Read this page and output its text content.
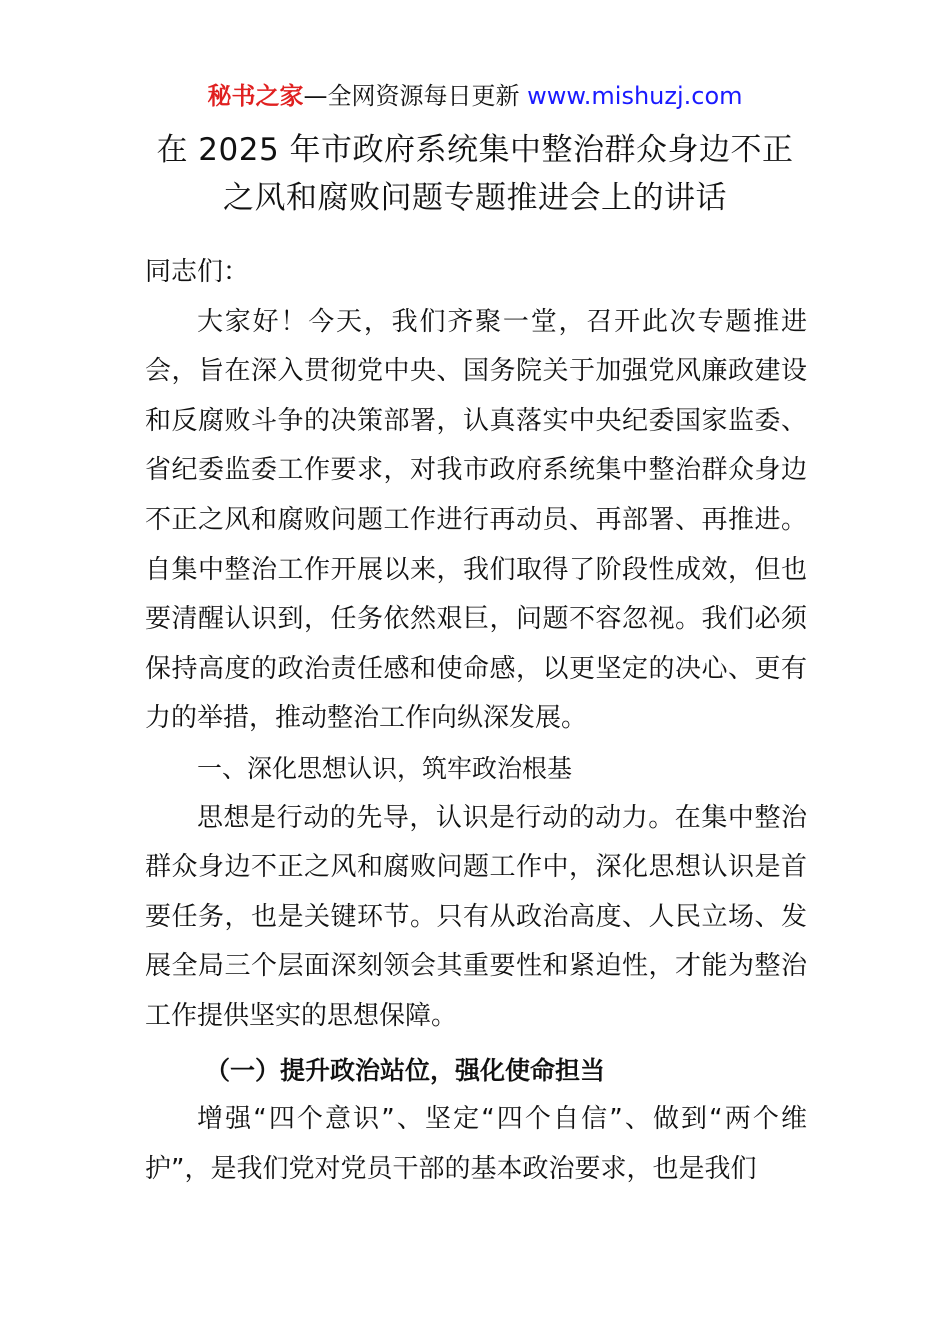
秘书之家—全网资源每日更新 www.mishuzj.com
在 2025 年市政府系统集中整治群众身边不正
之风和腐败问题专题推进会上的讲话

同志们：

大家好！今天，我们齐聚一堂，召开此次专题推进会，旨在深入贯彻党中央、国务院关于加强党风廉政建设和反腐败斗争的决策部署，认真落实中央纪委国家监委、省纪委监委工作要求，对我市政府系统集中整治群众身边不正之风和腐败问题工作进行再动员、再部署、再推进。自集中整治工作开展以来，我们取得了阶段性成效，但也要清醒认识到，任务依然艰巨，问题不容忽视。我们必须保持高度的政治责任感和使命感，以更坚定的决心、更有力的举措，推动整治工作向纵深发展。

一、深化思想认识，筑牢政治根基

思想是行动的先导，认识是行动的动力。在集中整治群众身边不正之风和腐败问题工作中，深化思想认识是首要任务，也是关键环节。只有从政治高度、人民立场、发展全局三个层面深刻领会其重要性和紧迫性，才能为整治工作提供坚实的思想保障。

（一）提升政治站位，强化使命担当

增强“四个意识”、坚定“四个自信”、做到“两个维护”，是我们党对党员干部的基本政治要求，也是我们
